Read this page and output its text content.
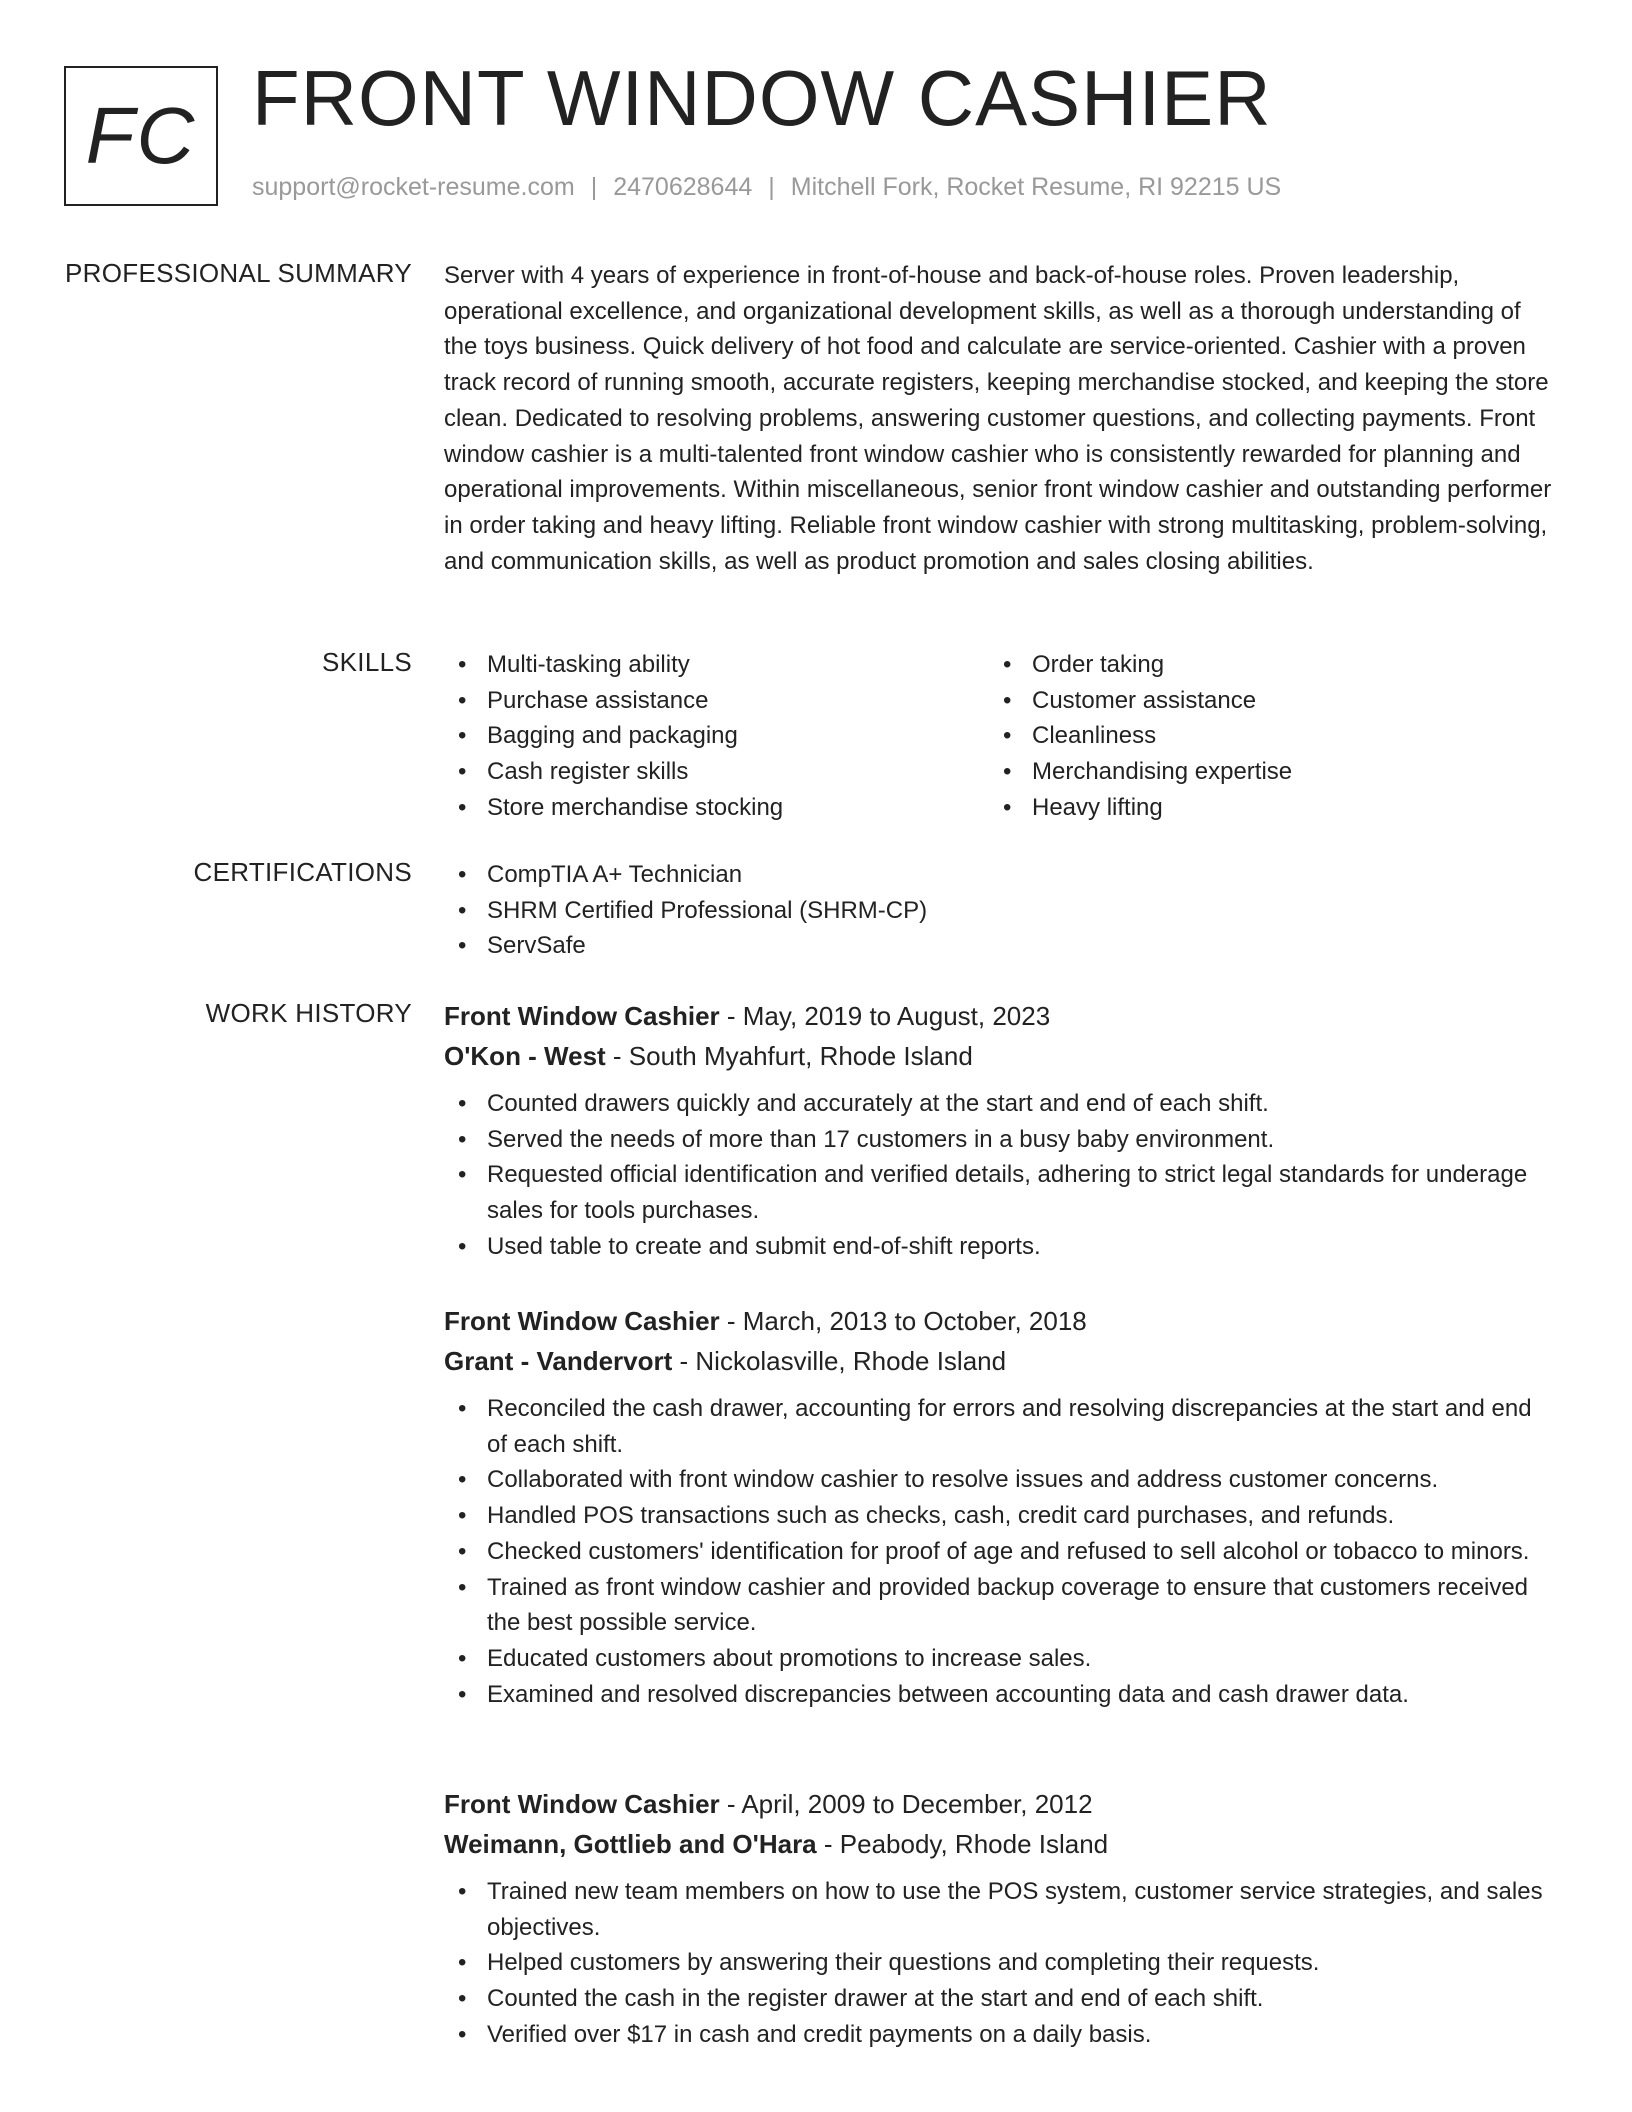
FC FRONT WINDOW CASHIER
support@rocket-resume.com | 2470628644 | Mitchell Fork, Rocket Resume, RI 92215 US
PROFESSIONAL SUMMARY Server with 4 years of experience in front-of-house and back-of-house roles. Proven leadership, operational excellence, and organizational development skills, as well as a thorough understanding of the toys business. Quick delivery of hot food and calculate are service-oriented. Cashier with a proven track record of running smooth, accurate registers, keeping merchandise stocked, and keeping the store clean. Dedicated to resolving problems, answering customer questions, and collecting payments. Front window cashier is a multi-talented front window cashier who is consistently rewarded for planning and operational improvements. Within miscellaneous, senior front window cashier and outstanding performer in order taking and heavy lifting. Reliable front window cashier with strong multitasking, problem-solving, and communication skills, as well as product promotion and sales closing abilities.

SKILLS	• Multi-tasking ability
• Purchase assistance
• Bagging and packaging
• Cash register skills
• Store merchandise stocking
• Order taking
• Customer assistance
• Cleanliness
• Merchandising expertise
• Heavy lifting
CERTIFICATIONS	• CompTIA A+ Technician
• SHRM Certified Professional (SHRM-CP)
• ServSafe
WORK HISTORY Front Window Cashier - May, 2019 to August, 2023
O'Kon - West - South Myahfurt, Rhode Island
• Counted drawers quickly and accurately at the start and end of each shift.
• Served the needs of more than 17 customers in a busy baby environment.
• Requested official identification and verified details, adhering to strict legal standards for underage sales for tools purchases.
• Used table to create and submit end-of-shift reports.
Front Window Cashier - March, 2013 to October, 2018
Grant - Vandervort - Nickolasville, Rhode Island
• Reconciled the cash drawer, accounting for errors and resolving discrepancies at the start and end of each shift.
• Collaborated with front window cashier to resolve issues and address customer concerns.
• Handled POS transactions such as checks, cash, credit card purchases, and refunds.
• Checked customers' identification for proof of age and refused to sell alcohol or tobacco to minors.
• Trained as front window cashier and provided backup coverage to ensure that customers received the best possible service.
• Educated customers about promotions to increase sales.
• Examined and resolved discrepancies between accounting data and cash drawer data.
Front Window Cashier - April, 2009 to December, 2012
Weimann, Gottlieb and O'Hara - Peabody, Rhode Island
• Trained new team members on how to use the POS system, customer service strategies, and sales objectives.
• Helped customers by answering their questions and completing their requests.
• Counted the cash in the register drawer at the start and end of each shift.
• Verified over $17 in cash and credit payments on a daily basis.
